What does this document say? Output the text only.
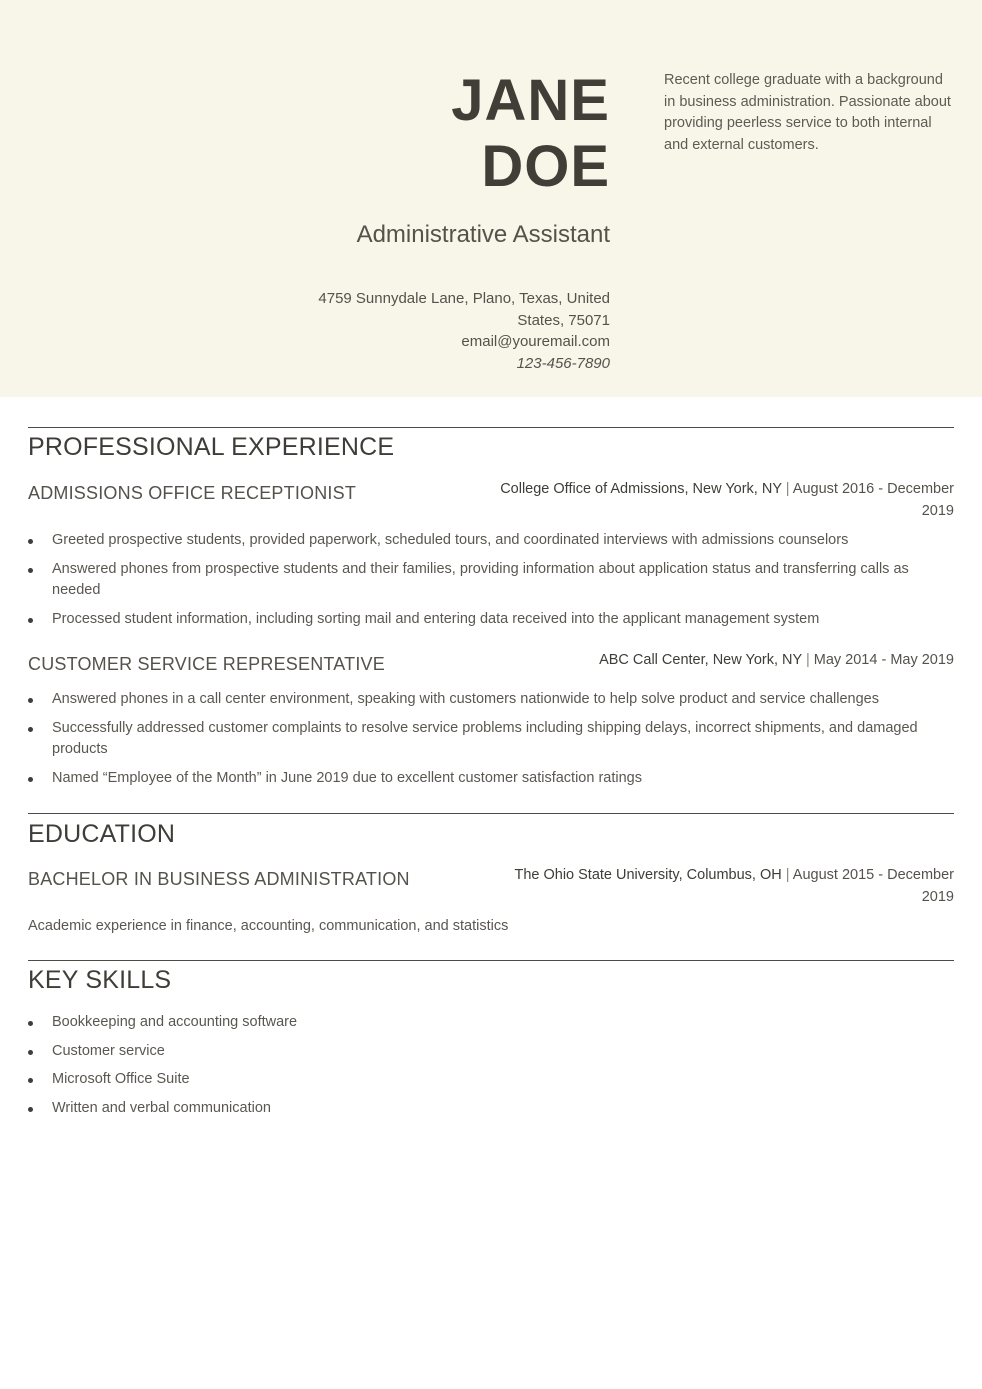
JANE
DOE
Administrative Assistant
4759 Sunnydale Lane, Plano, Texas, United States, 75071
email@youremail.com
123-456-7890
Recent college graduate with a background in business administration. Passionate about providing peerless service to both internal and external customers.
PROFESSIONAL EXPERIENCE
ADMISSIONS OFFICE RECEPTIONIST	College Office of Admissions, New York, NY | August 2016 - December 2019
Greeted prospective students, provided paperwork, scheduled tours, and coordinated interviews with admissions counselors
Answered phones from prospective students and their families, providing information about application status and transferring calls as needed
Processed student information, including sorting mail and entering data received into the applicant management system
CUSTOMER SERVICE REPRESENTATIVE	ABC Call Center, New York, NY | May 2014 - May 2019
Answered phones in a call center environment, speaking with customers nationwide to help solve product and service challenges
Successfully addressed customer complaints to resolve service problems including shipping delays, incorrect shipments, and damaged products
Named “Employee of the Month” in June 2019 due to excellent customer satisfaction ratings
EDUCATION
BACHELOR IN BUSINESS ADMINISTRATION	The Ohio State University, Columbus, OH | August 2015 - December 2019
Academic experience in finance, accounting, communication, and statistics
KEY SKILLS
Bookkeeping and accounting software
Customer service
Microsoft Office Suite
Written and verbal communication
